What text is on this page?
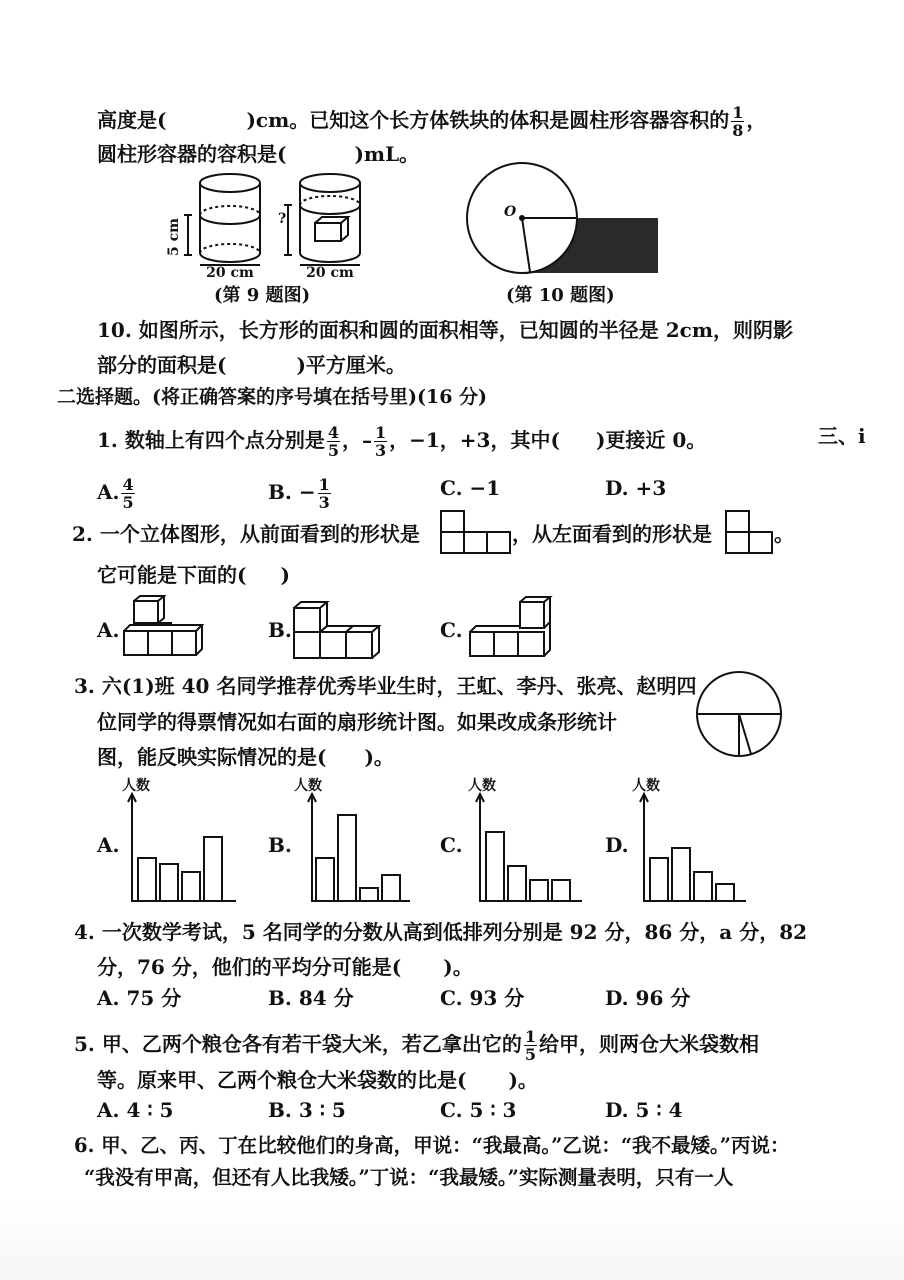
高度是(	)cm。已知这个长方体铁块的体积是圆柱形容器容积的 $\frac{1}{8}$ ，
圆柱形容器的容积是(	)mL。
5 cm
20 cm
?
20 cm
(第 9 题图)
O
(第 10 题图)
10. 如图所示，长方形的面积和圆的面积相等，已知圆的半径是 2cm，则阴影
部分的面积是(	)平方厘米。
二选择题。(将正确答案的序号填在括号里)(16 分)
三、i
1. 数轴上有四个点分别是 $\frac{4}{5}$ ，– $\frac{1}{3}$ ，−1，+3，其中( )更接近 0。
A. $\frac{4}{5}$	B. − $\frac{1}{3}$	C. −1	D. +3
2. 一个立体图形，从前面看到的形状是	，从左面看到的形状是	。
它可能是下面的( )
A.	B.	C.
3. 六(1)班 40 名同学推荐优秀毕业生时，王虹、李丹、张亮、赵明四
位同学的得票情况如右面的扇形统计图。如果改成条形统计
图，能反映实际情况的是( )。
人数
A.
人数
B.
人数
C.
人数
D.
4. 一次数学考试，5 名同学的分数从高到低排列分别是 92 分，86 分，a 分，82
分，76 分，他们的平均分可能是( )。
A. 75 分	B. 84 分	C. 93 分	D. 96 分
5. 甲、乙两个粮仓各有若干袋大米，若乙拿出它的 $\frac{1}{5}$ 给甲，则两仓大米袋数相
等。原来甲、乙两个粮仓大米袋数的比是( )。
A. 4 ∶ 5	B. 3 ∶ 5	C. 5 ∶ 3	D. 5 ∶ 4
6. 甲、乙、丙、丁在比较他们的身高，甲说：“我最高。”乙说：“我不最矮。”丙说：
“我没有甲高，但还有人比我矮。”丁说：“我最矮。”实际测量表明，只有一人
